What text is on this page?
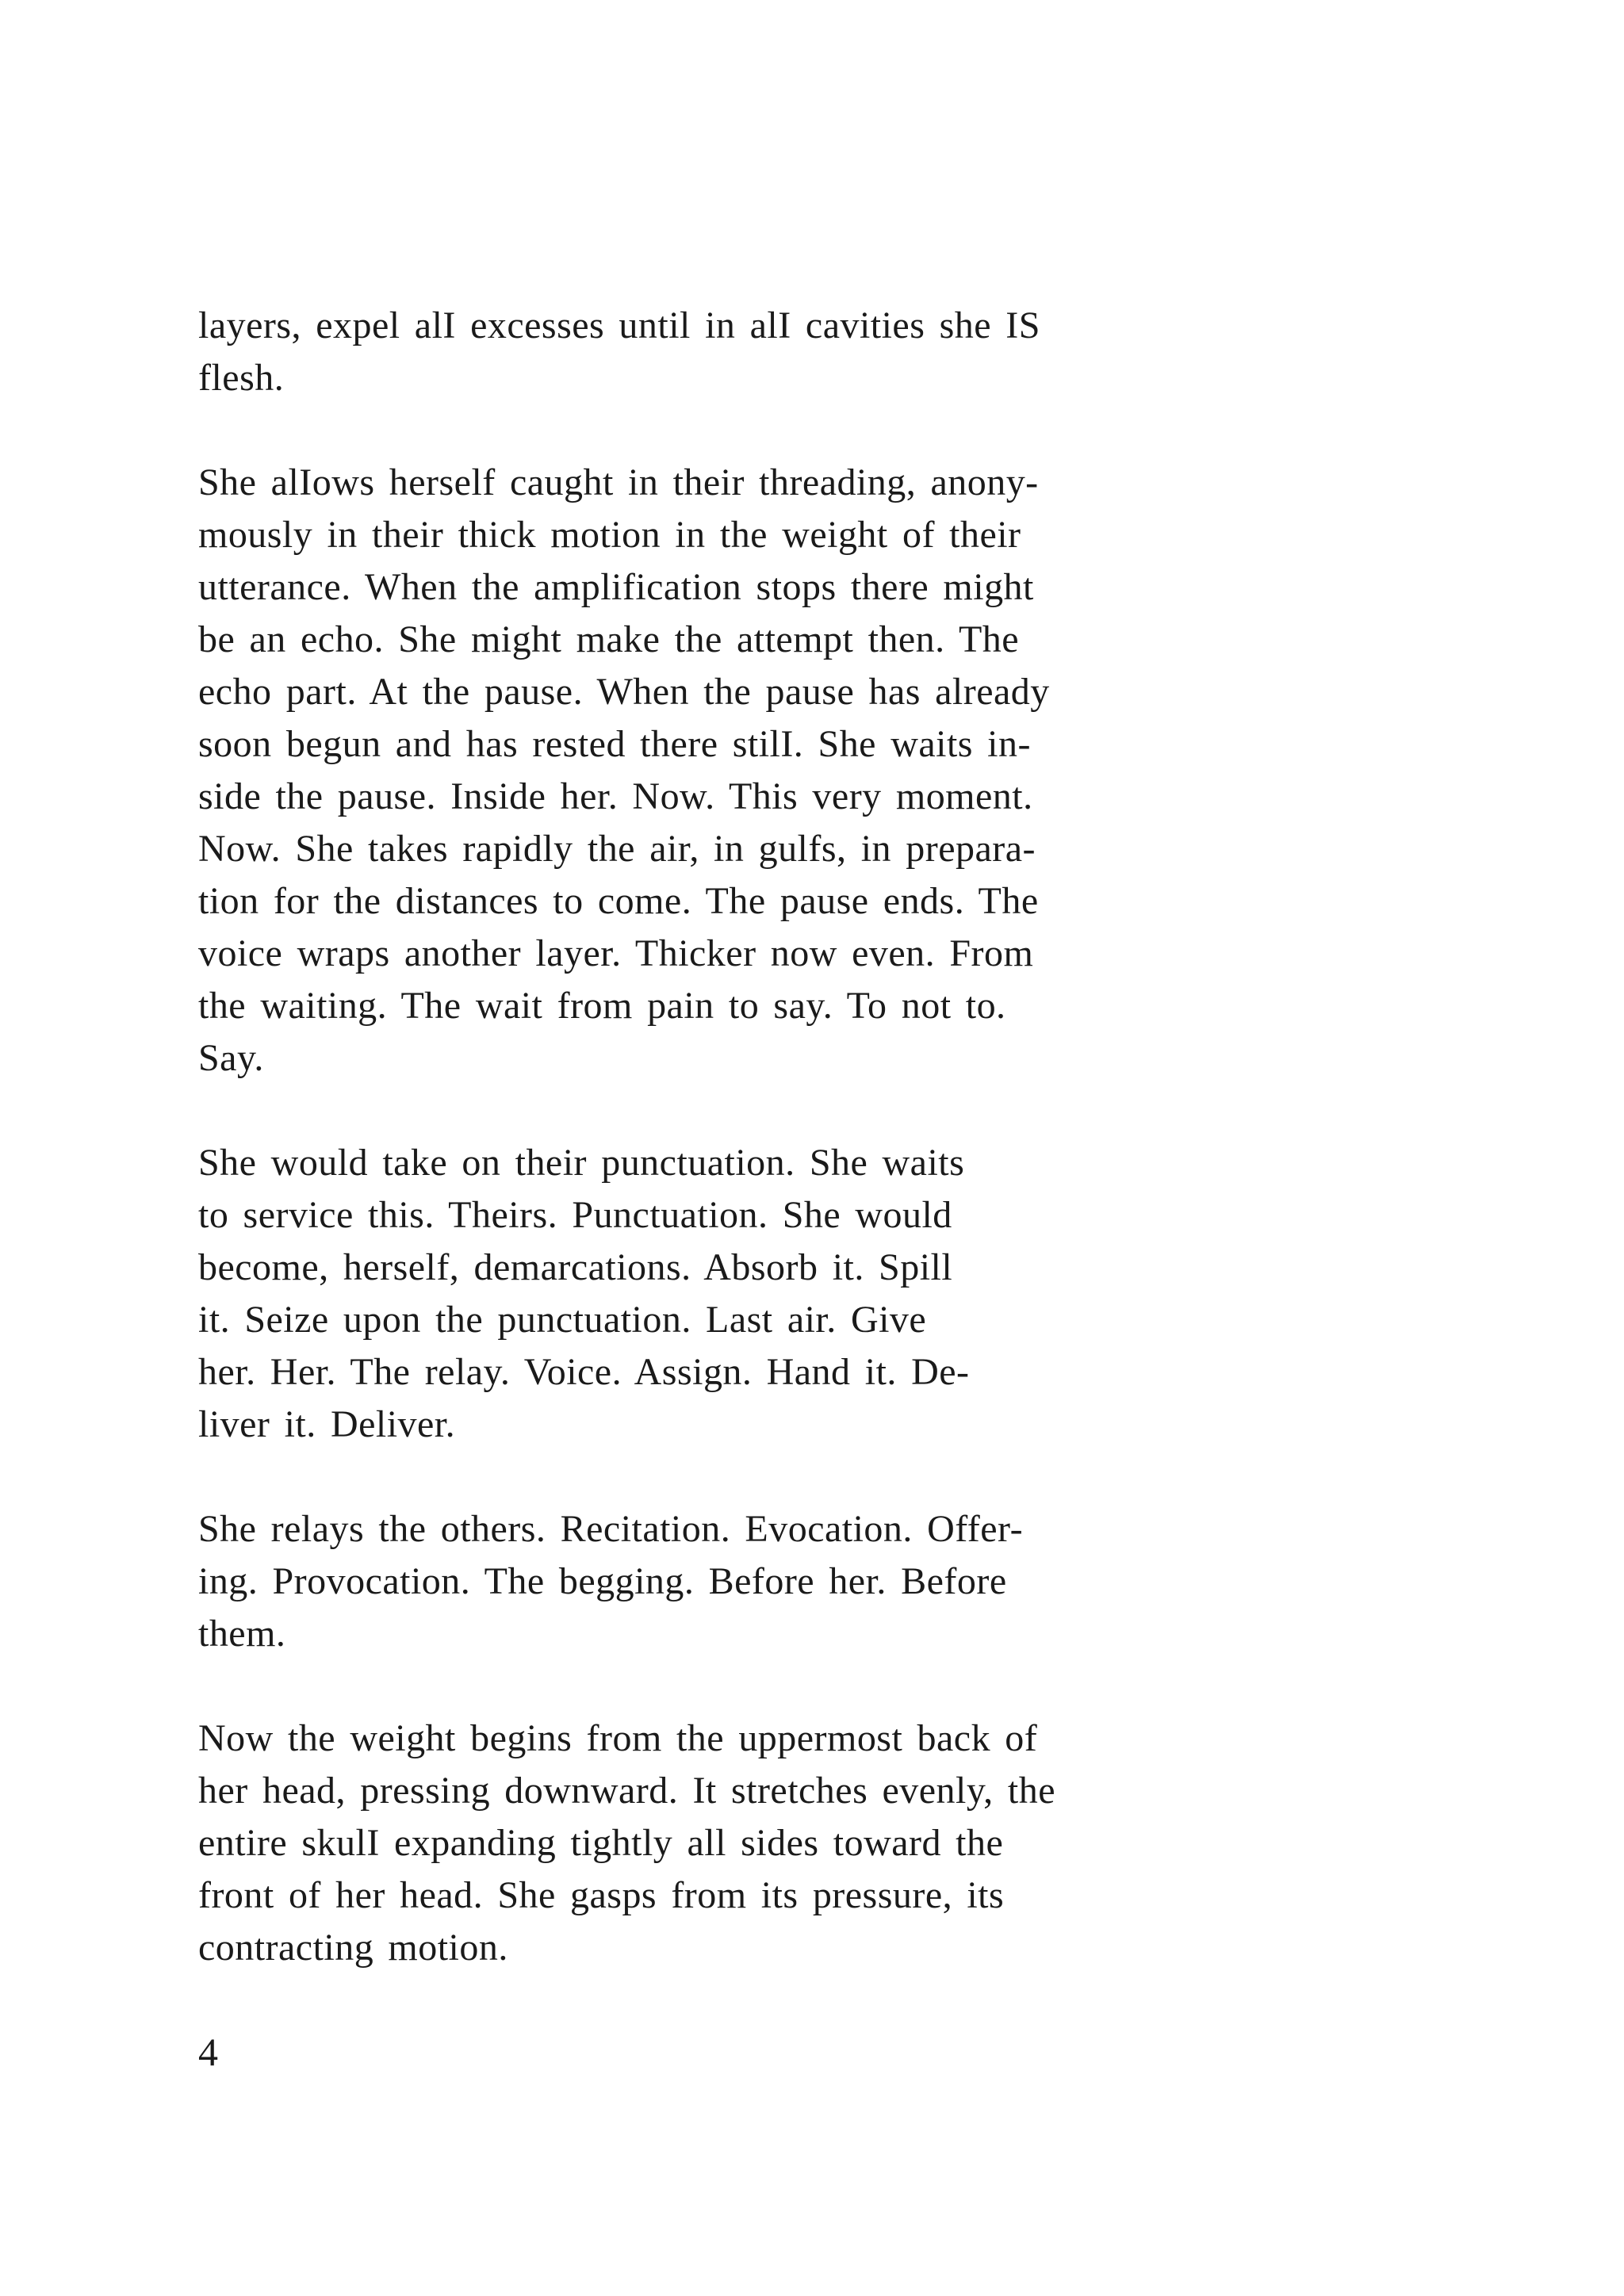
layers, expel alI excesses until in alI cavities she IS
flesh.

She alIows herself caught in their threading, anony-
mously in their thick motion in the weight of their
utterance. When the amplification stops there might
be an echo. She might make the attempt then. The
echo part. At the pause. When the pause has already
soon begun and has rested there stilI. She waits in-
side the pause. Inside her. Now. This very moment.
Now. She takes rapidly the air, in gulfs, in prepara-
tion for the distances to come. The pause ends. The
voice wraps another layer. Thicker now even. From
the waiting. The wait from pain to say. To not to.
Say.

She would take on their punctuation. She waits
to service this. Theirs. Punctuation. She would
become, herself, demarcations. Absorb it. Spill
it. Seize upon the punctuation. Last air. Give
her. Her. The relay. Voice. Assign. Hand it. De-
liver it. Deliver.

She relays the others. Recitation. Evocation. Offer-
ing. Provocation. The begging. Before her. Before
them.

Now the weight begins from the uppermost back of
her head, pressing downward. It stretches evenly, the
entire skulI expanding tightly all sides toward the
front of her head. She gasps from its pressure, its
contracting motion.

4
